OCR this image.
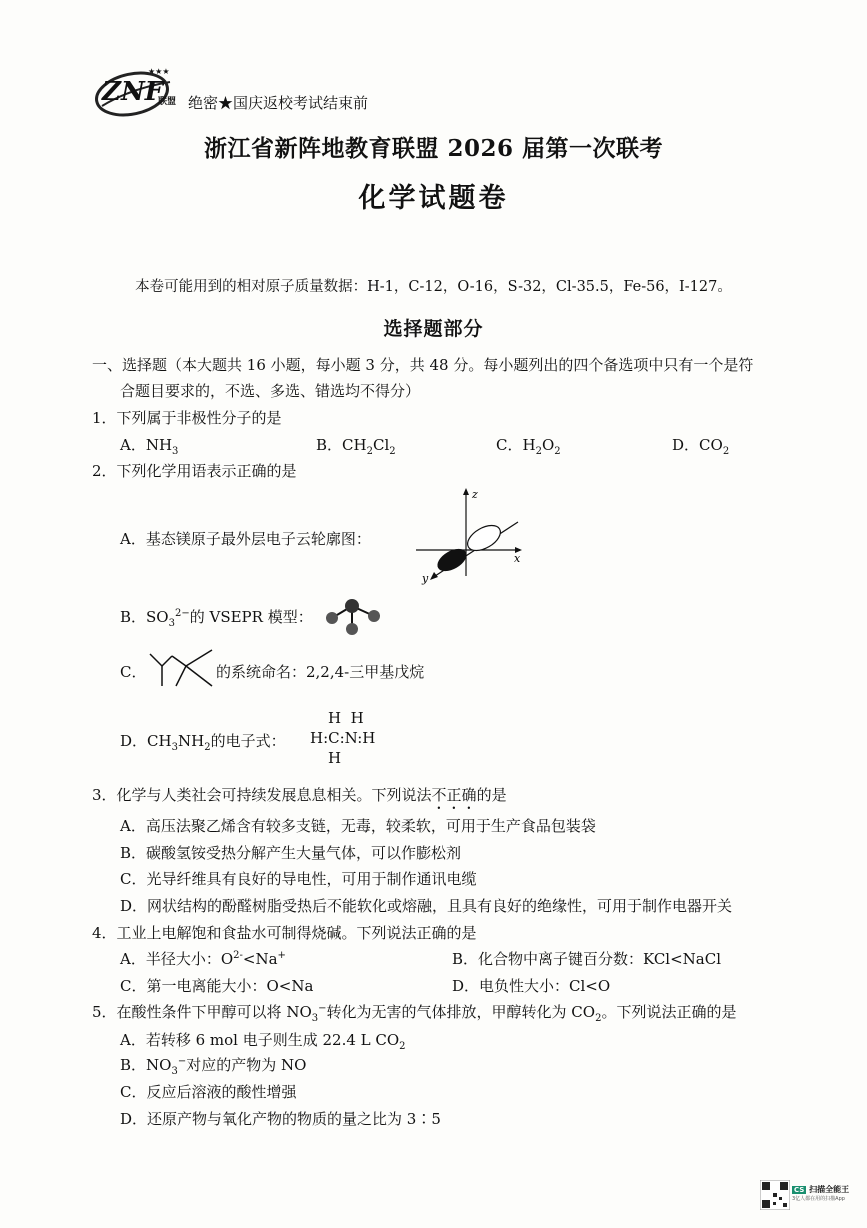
ZNF
联盟
★★★
绝密★国庆返校考试结束前
浙江省新阵地教育联盟 2026 届第一次联考
化学试题卷
本卷可能用到的相对原子质量数据：H-1，C-12，O-16，S-32，Cl-35.5，Fe-56，I-127。
选择题部分
一、选择题（本大题共 16 小题，每小题 3 分，共 48 分。每小题列出的四个备选项中只有一个是符
合题目要求的，不选、多选、错选均不得分）
1．下列属于非极性分子的是
A．$NH_3$	B．$CH_2Cl_2$	C．$H_2O_2$	D．$CO_2$
2．下列化学用语表示正确的是
A．基态镁原子最外层电子云轮廓图：
z
x
y
B．$SO_3^{2-}$的 VSEPR 模型：
C．	的系统命名：2,2,4-三甲基戊烷
D．$CH_3NH_2$的电子式：
H  H
H:C:N:H
H
3．化学与人类社会可持续发展息息相关。下列说法不正确的是
A．高压法聚乙烯含有较多支链，无毒，较柔软，可用于生产食品包装袋
B．碳酸氢铵受热分解产生大量气体，可以作膨松剂
C．光导纤维具有良好的导电性，可用于制作通讯电缆
D．网状结构的酚醛树脂受热后不能软化或熔融，且具有良好的绝缘性，可用于制作电器开关
4．工业上电解饱和食盐水可制得烧碱。下列说法正确的是
A．半径大小：$O^{2-}<Na^+$	B．化合物中离子键百分数：KCl<NaCl
C．第一电离能大小：O<Na	D．电负性大小：Cl<O
5．在酸性条件下甲醇可以将 $NO_3^-$转化为无害的气体排放，甲醇转化为 $CO_2$。下列说法正确的是
A．若转移 6 mol 电子则生成 22.4 L $CO_2$
B．$NO_3^-$对应的产物为 NO
C．反应后溶液的酸性增强
D．还原产物与氧化产物的物质的量之比为 3∶5
CS 扫描全能王
3亿人都在用的扫描App
